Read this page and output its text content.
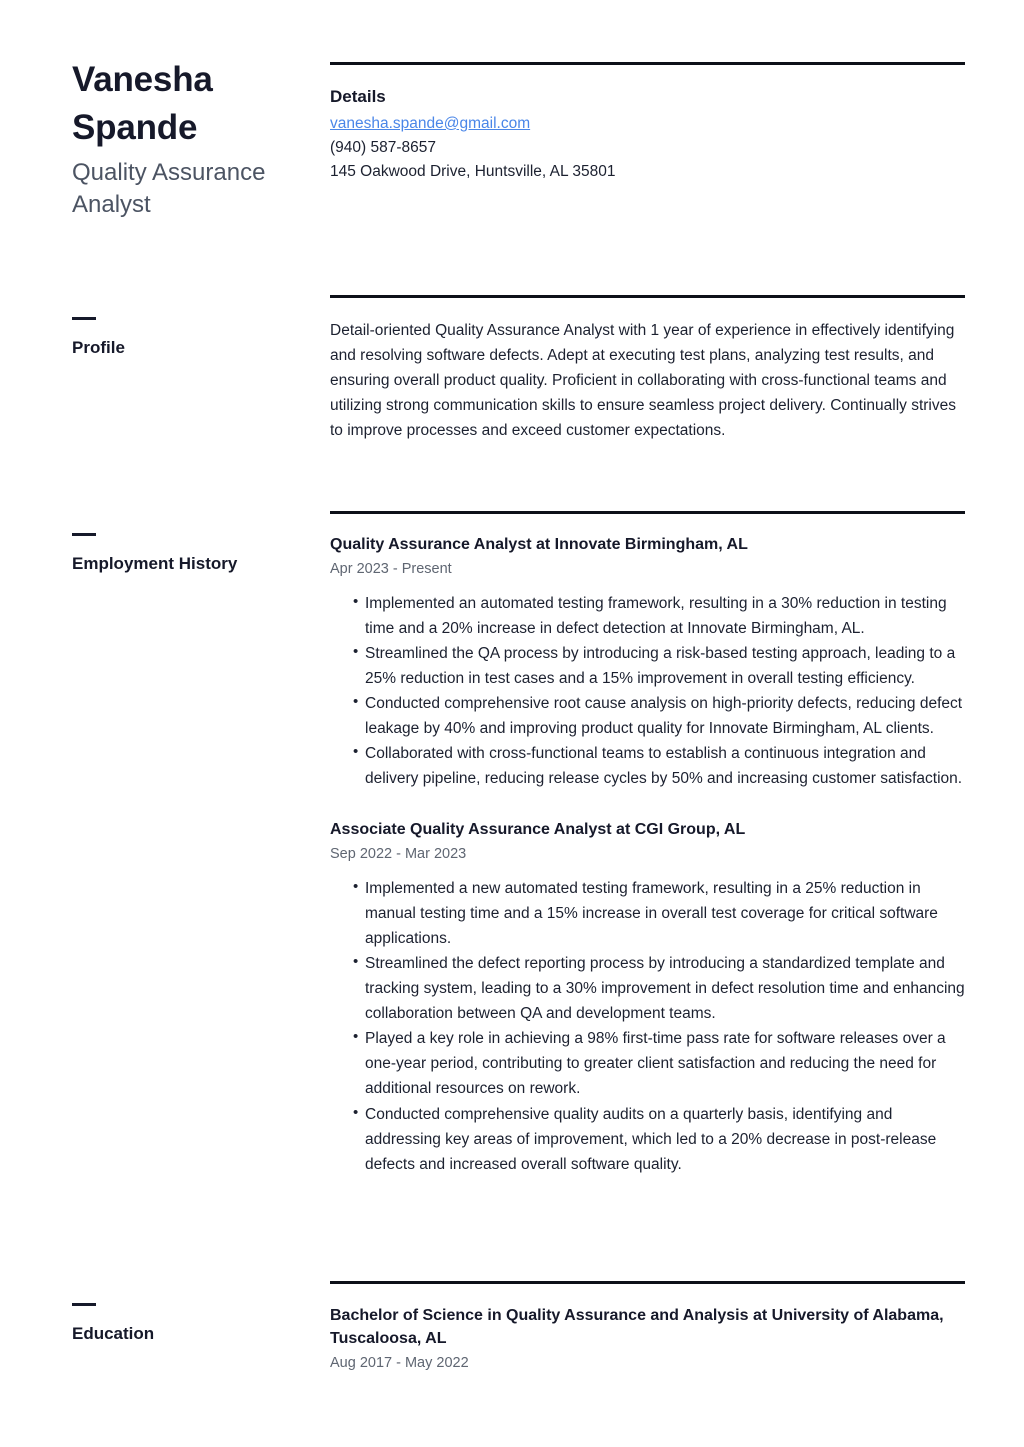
Vanesha Spande
Quality Assurance Analyst
Details
vanesha.spande@gmail.com
(940) 587-8657
145 Oakwood Drive, Huntsville, AL 35801
Profile

Detail-oriented Quality Assurance Analyst with 1 year of experience in effectively identifying and resolving software defects. Adept at executing test plans, analyzing test results, and ensuring overall product quality. Proficient in collaborating with cross-functional teams and utilizing strong communication skills to ensure seamless project delivery. Continually strives to improve processes and exceed customer expectations.

Employment History
Quality Assurance Analyst at Innovate Birmingham, AL
Apr 2023 - Present
• Implemented an automated testing framework, resulting in a 30% reduction in testing time and a 20% increase in defect detection at Innovate Birmingham, AL.
• Streamlined the QA process by introducing a risk-based testing approach, leading to a 25% reduction in test cases and a 15% improvement in overall testing efficiency.
• Conducted comprehensive root cause analysis on high-priority defects, reducing defect leakage by 40% and improving product quality for Innovate Birmingham, AL clients.
• Collaborated with cross-functional teams to establish a continuous integration and delivery pipeline, reducing release cycles by 50% and increasing customer satisfaction.
Associate Quality Assurance Analyst at CGI Group, AL
Sep 2022 - Mar 2023
• Implemented a new automated testing framework, resulting in a 25% reduction in manual testing time and a 15% increase in overall test coverage for critical software applications.
• Streamlined the defect reporting process by introducing a standardized template and tracking system, leading to a 30% improvement in defect resolution time and enhancing collaboration between QA and development teams.
• Played a key role in achieving a 98% first-time pass rate for software releases over a one-year period, contributing to greater client satisfaction and reducing the need for additional resources on rework.
• Conducted comprehensive quality audits on a quarterly basis, identifying and addressing key areas of improvement, which led to a 20% decrease in post-release defects and increased overall software quality.
Education
Bachelor of Science in Quality Assurance and Analysis at University of Alabama, Tuscaloosa, AL
Aug 2017 - May 2022
